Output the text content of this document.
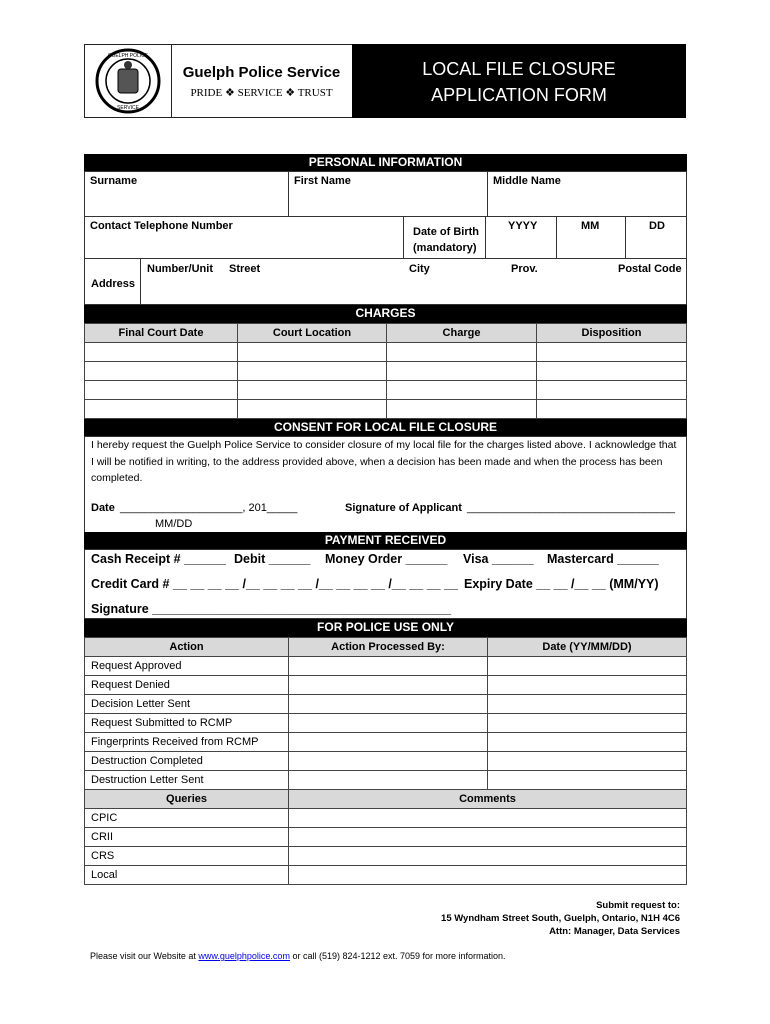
GUELPH POLICE
SERVICE
Guelph Police Service
PRIDE ❖ SERVICE ❖ TRUST
LOCAL FILE CLOSURE
APPLICATION FORM
PERSONAL INFORMATION
Surname	First Name	Middle Name
Contact Telephone Number	Date of Birth
(mandatory)
YYYY	MM	DD
Address
Number/Unit Street	City	Prov.	Postal Code
CHARGES
Final Court Date	Court Location	Charge	Disposition

CONSENT FOR LOCAL FILE CLOSURE
I hereby request the Guelph Police Service to consider closure of my local file for the charges listed above. I acknowledge that I will be notified in writing, to the address provided above, when a decision has been made and when the process has been completed.
Date ____________________, 201_____
MM/DD
Signature of Applicant __________________________________
PAYMENT RECEIVED
Cash Receipt # ______ Debit ______ Money Order ______ Visa ______ Mastercard ______
Credit Card # __ __ __ __ /__ __ __ __ /__ __ __ __ /__ __ __ __ Expiry Date __ __ /__ __ (MM/YY)
Signature ___________________________________________
FOR POLICE USE ONLY
Action	Action Processed By:	Date (YY/MM/DD)
Request Approved		
Request Denied		
Decision Letter Sent		
Request Submitted to RCMP		
Fingerprints Received from RCMP		
Destruction Completed		
Destruction Letter Sent		
Queries	Comments
CPIC	
CRII	
CRS	
Local	
Submit request to:
15 Wyndham Street South, Guelph, Ontario, N1H 4C6
Attn: Manager, Data Services
Please visit our Website at www.guelphpolice.com or call (519) 824-1212 ext. 7059 for more information.
